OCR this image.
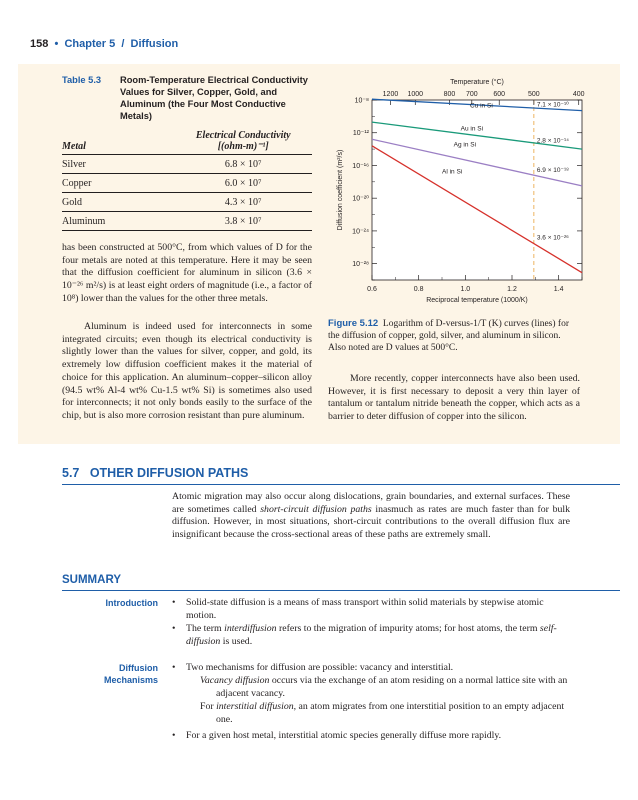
158 • Chapter 5 / Diffusion
Table 5.3 Room-Temperature Electrical Conductivity Values for Silver, Copper, Gold, and Aluminum (the Four Most Conductive Metals)
Metal	Electrical Conductivity
[(ohm-m)⁻¹]

Silver	6.8 × 10⁷
Copper	6.0 × 10⁷
Gold	4.3 × 10⁷
Aluminum	3.8 × 10⁷
has been constructed at 500°C, from which values of D for the four metals are noted at this temperature. Here it may be seen that the diffusion coefficient for aluminum in silicon (3.6 × 10⁻²⁶ m²/s) is at least eight orders of magnitude (i.e., a factor of 10⁸) lower than the values for the other three metals.
Aluminum is indeed used for interconnects in some integrated circuits; even though its electrical conductivity is slightly lower than the values for silver, copper, and gold, its extremely low diffusion coefficient makes it the material of choice for this application. An aluminum–copper–silicon alloy (94.5 wt% Al-4 wt% Cu-1.5 wt% Si) is sometimes also used for interconnects; it not only bonds easily to the surface of the chip, but is also more corrosion resistant than pure aluminum.
0.6	0.8	1.0	1.2	1.4
1200 1000	800 700 600	500	400
10⁻⁸
10⁻¹²
10⁻¹⁶
10⁻²⁰
10⁻²⁴
10⁻²⁸
Cu in Si
Au in Si
Ag in Si
Al in Si
7.1 × 10⁻¹⁰
2.8 × 10⁻¹⁴
6.9 × 10⁻¹⁸
3.6 × 10⁻²⁶
Temperature (°C)
Reciprocal temperature (1000/K)
Diffusion coefficient (m²/s)
Figure 5.12 Logarithm of D-versus-1/T (K) curves (lines) for the diffusion of copper, gold, silver, and aluminum in silicon. Also noted are D values at 500°C.
More recently, copper interconnects have also been used. However, it is first necessary to deposit a very thin layer of tantalum or tantalum nitride beneath the copper, which acts as a barrier to deter diffusion of copper into the silicon.
5.7 OTHER DIFFUSION PATHS
Atomic migration may also occur along dislocations, grain boundaries, and external surfaces. These are sometimes called short-circuit diffusion paths inasmuch as rates are much faster than for bulk diffusion. However, in most situations, short-circuit contributions to the overall diffusion flux are insignificant because the cross-sectional areas of these paths are extremely small.
SUMMARY
Introduction • Solid-state diffusion is a means of mass transport within solid materials by stepwise atomic motion.
• The term interdiffusion refers to the migration of impurity atoms; for host atoms, the term self-diffusion is used.
Diffusion
Mechanisms
• Two mechanisms for diffusion are possible: vacancy and interstitial.
Vacancy diffusion occurs via the exchange of an atom residing on a normal lattice site with an adjacent vacancy.
For interstitial diffusion, an atom migrates from one interstitial position to an empty adjacent one.
• For a given host metal, interstitial atomic species generally diffuse more rapidly.
